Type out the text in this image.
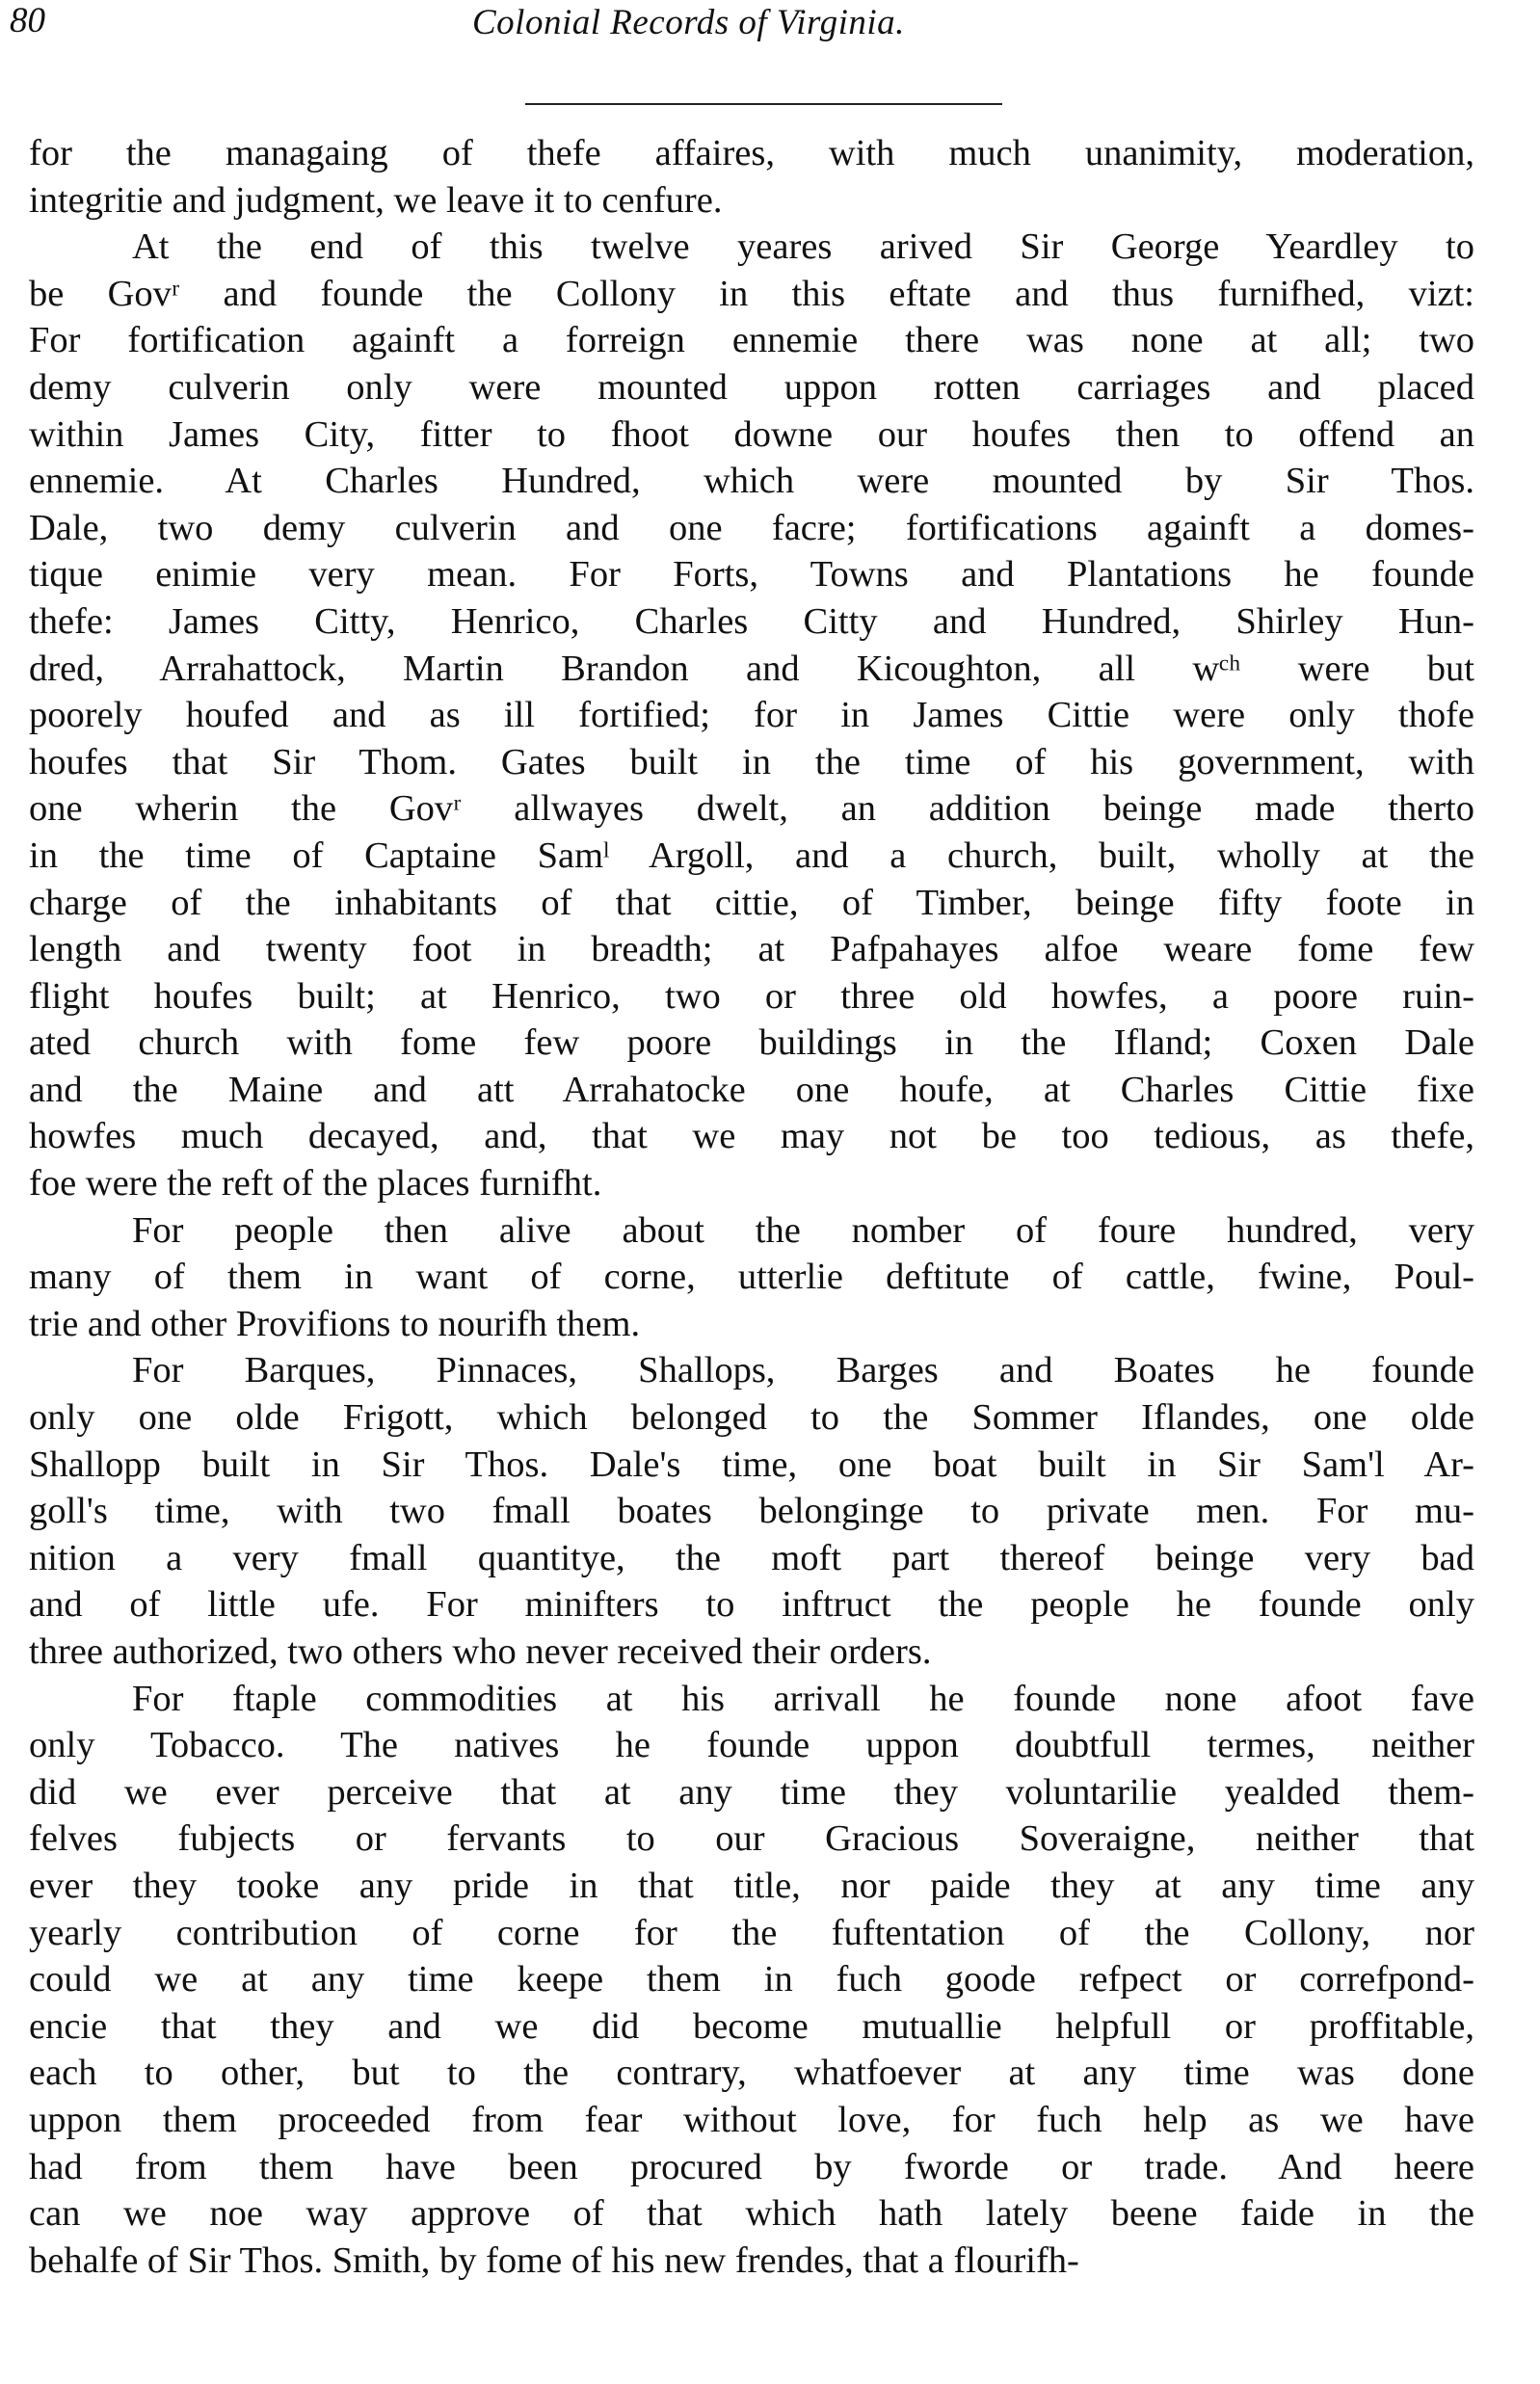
80	Colonial Records of Virginia.
for the managaing of thefe affaires, with much unanimity, moderation,
integritie and judgment, we leave it to cenfure.
At the end of this twelve yeares arived Sir George Yeardley to
be Govʳ and founde the Collony in this eftate and thus furnifhed, vizt:
For fortification againft a forreign ennemie there was none at all; two
demy culverin only were mounted uppon rotten carriages and placed
within James City, fitter to fhoot downe our houfes then to offend an
ennemie. At Charles Hundred, which were mounted by Sir Thos.
Dale, two demy culverin and one facre; fortifications againft a domes-
tique enimie very mean. For Forts, Towns and Plantations he founde
thefe: James Citty, Henrico, Charles Citty and Hundred, Shirley Hun-
dred, Arrahattock, Martin Brandon and Kicoughton, all wᶜʰ were but
poorely houfed and as ill fortified; for in James Cittie were only thofe
houfes that Sir Thom. Gates built in the time of his government, with
one wherin the Govʳ allwayes dwelt, an addition beinge made therto
in the time of Captaine Samˡ Argoll, and a church, built, wholly at the
charge of the inhabitants of that cittie, of Timber, beinge fifty foote in
length and twenty foot in breadth; at Pafpahayes alfoe weare fome few
flight houfes built; at Henrico, two or three old howfes, a poore ruin-
ated church with fome few poore buildings in the Ifland; Coxen Dale
and the Maine and att Arrahatocke one houfe, at Charles Cittie fixe
howfes much decayed, and, that we may not be too tedious, as thefe,
foe were the reft of the places furnifht.
For people then alive about the nomber of foure hundred, very
many of them in want of corne, utterlie deftitute of cattle, fwine, Poul-
trie and other Provifions to nourifh them.
For Barques, Pinnaces, Shallops, Barges and Boates he founde
only one olde Frigott, which belonged to the Sommer Iflandes, one olde
Shallopp built in Sir Thos. Dale's time, one boat built in Sir Sam'l Ar-
goll's time, with two fmall boates belonginge to private men. For mu-
nition a very fmall quantitye, the moft part thereof beinge very bad
and of little ufe. For minifters to inftruct the people he founde only
three authorized, two others who never received their orders.
For ftaple commodities at his arrivall he founde none afoot fave
only Tobacco. The natives he founde uppon doubtfull termes, neither
did we ever perceive that at any time they voluntarilie yealded them-
felves fubjects or fervants to our Gracious Soveraigne, neither that
ever they tooke any pride in that title, nor paide they at any time any
yearly contribution of corne for the fuftentation of the Collony, nor
could we at any time keepe them in fuch goode refpect or correfpond-
encie that they and we did become mutuallie helpfull or proffitable,
each to other, but to the contrary, whatfoever at any time was done
uppon them proceeded from fear without love, for fuch help as we have
had from them have been procured by fworde or trade. And heere
can we noe way approve of that which hath lately beene faide in the
behalfe of Sir Thos. Smith, by fome of his new frendes, that a flourifh-
